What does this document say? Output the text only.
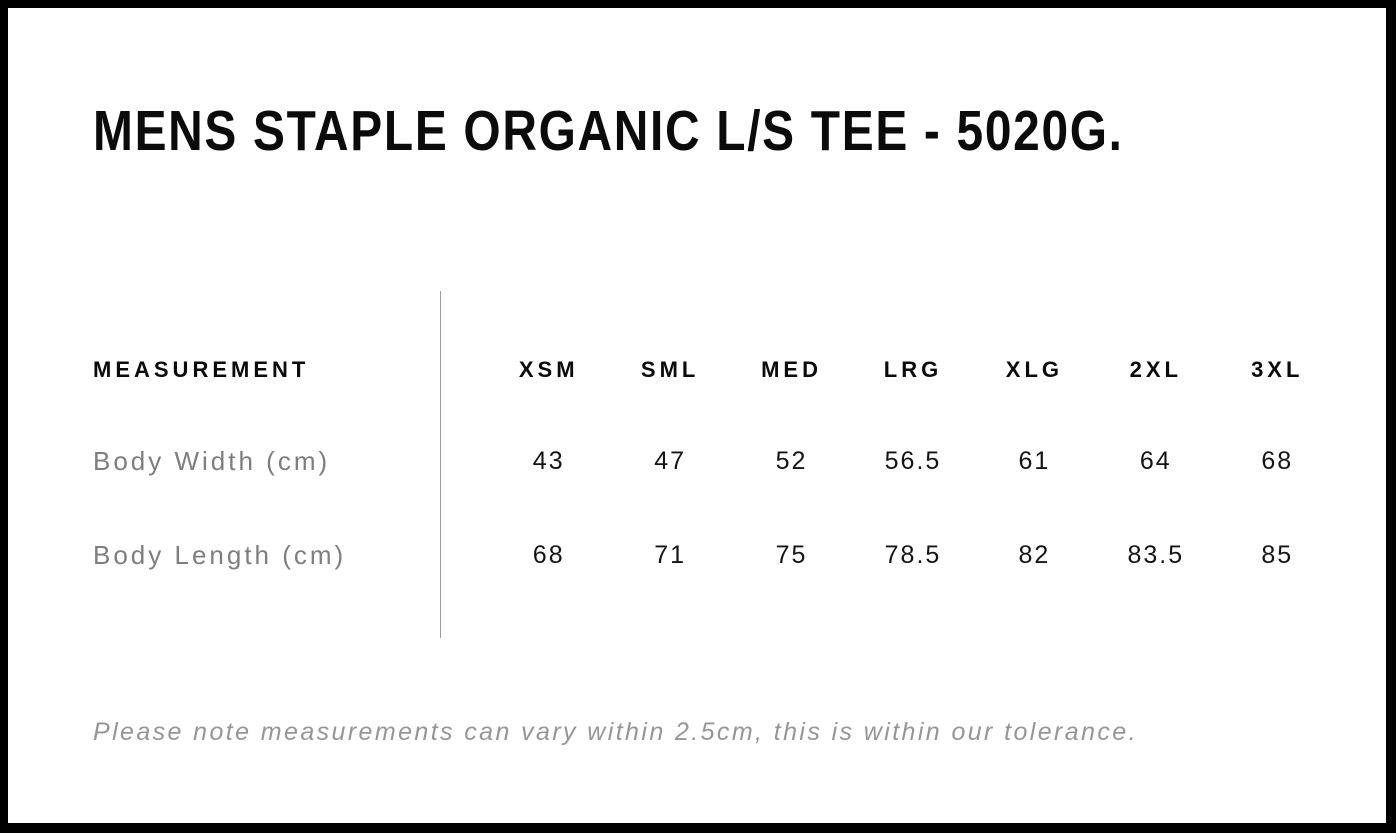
MENS STAPLE ORGANIC L/S TEE - 5020G.
MEASUREMENT	XSM	SML	MED	LRG	XLG	2XL	3XL
Body Width (cm)	43	47	52	56.5	61	64	68
Body Length (cm)	68	71	75	78.5	82	83.5	85

Please note measurements can vary within 2.5cm, this is within our tolerance.
